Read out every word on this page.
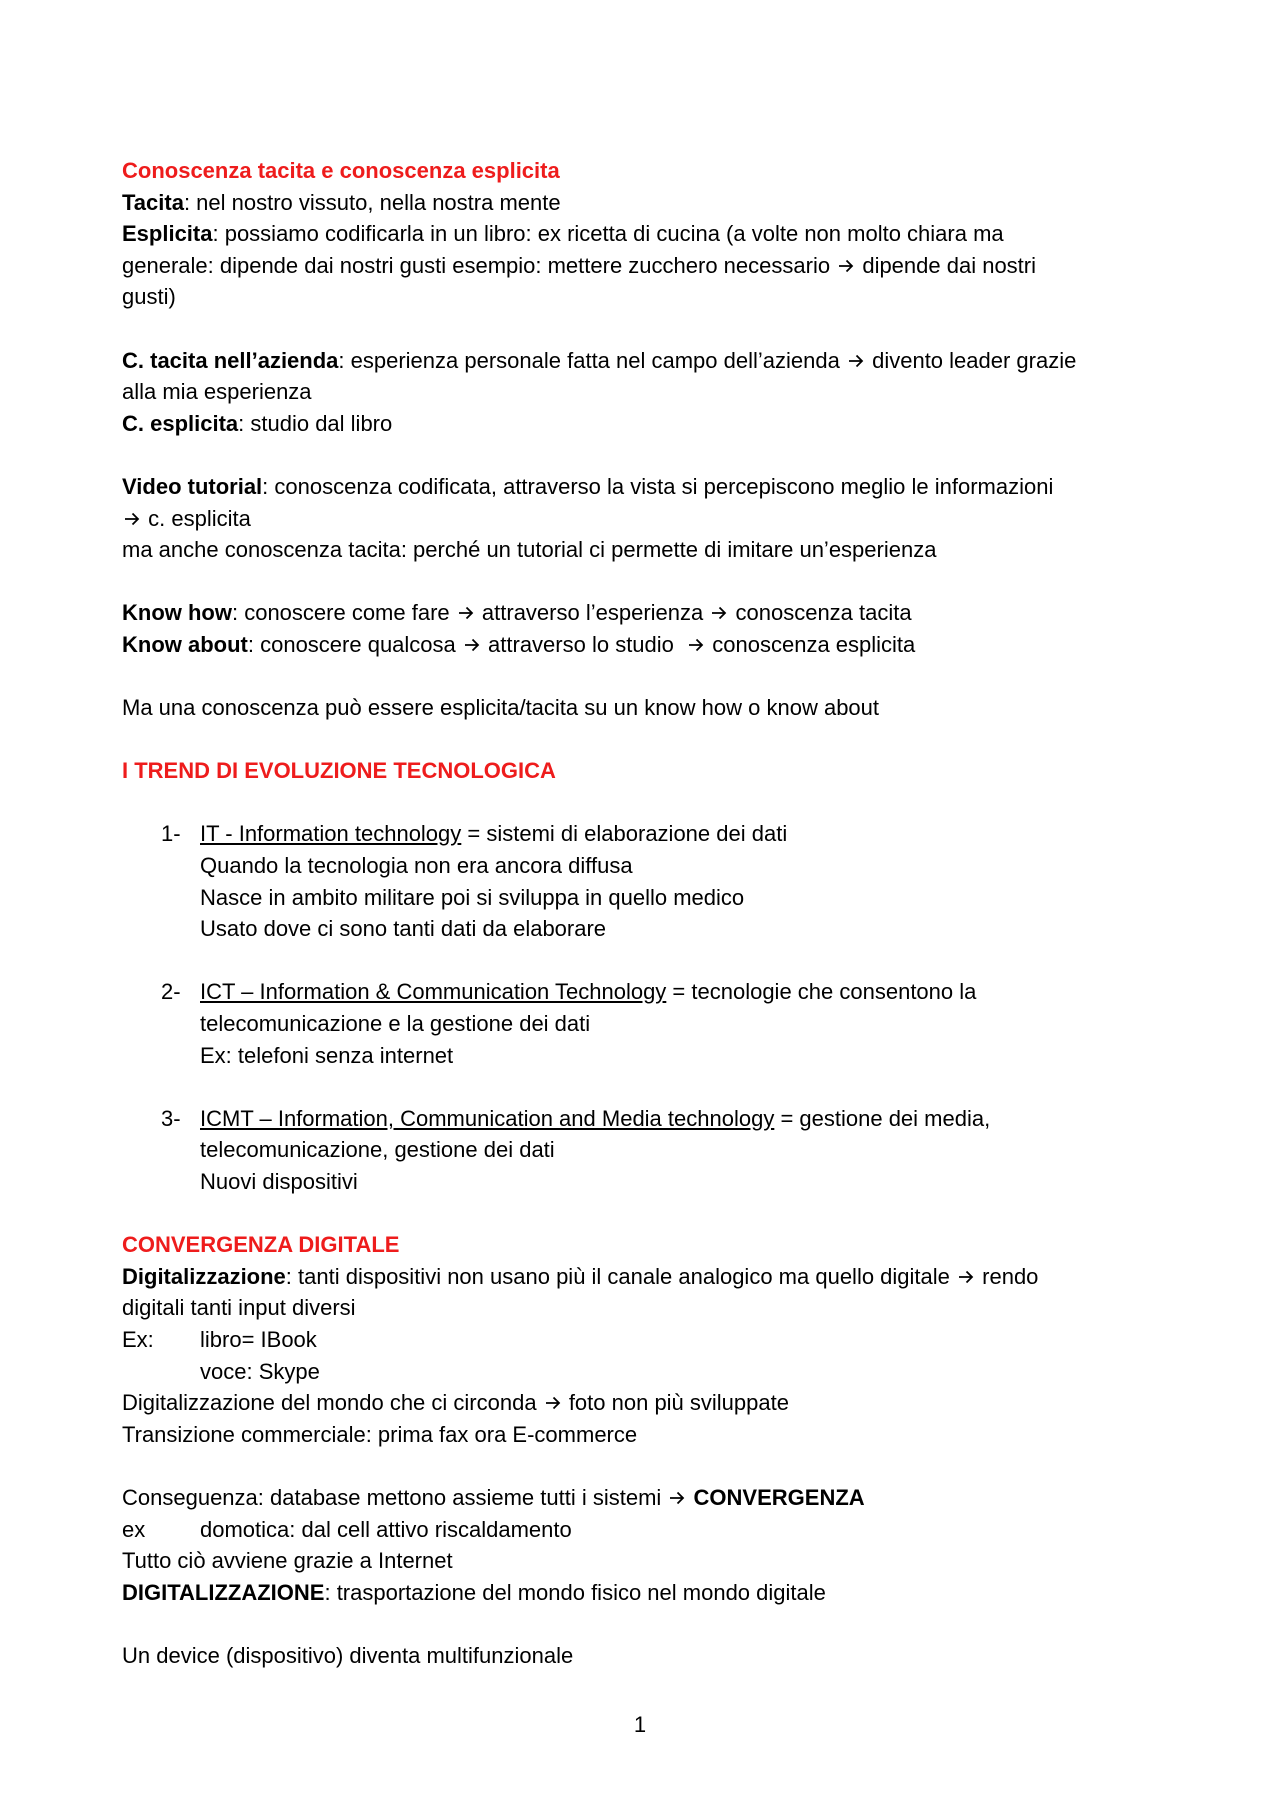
Conoscenza tacita e conoscenza esplicita
Tacita: nel nostro vissuto, nella nostra mente
Esplicita: possiamo codificarla in un libro: ex ricetta di cucina (a volte non molto chiara ma
generale: dipende dai nostri gusti esempio: mettere zucchero necessario dipende dai nostri
gusti)
C. tacita nell’azienda: esperienza personale fatta nel campo dell’azienda divento leader grazie
alla mia esperienza
C. esplicita: studio dal libro
Video tutorial: conoscenza codificata, attraverso la vista si percepiscono meglio le informazioni
c. esplicita
ma anche conoscenza tacita: perché un tutorial ci permette di imitare un’esperienza
Know how: conoscere come fare attraverso l’esperienza conoscenza tacita
Know about: conoscere qualcosa attraverso lo studio conoscenza esplicita
Ma una conoscenza può essere esplicita/tacita su un know how o know about
I TREND DI EVOLUZIONE TECNOLOGICA
1- IT - Information technology = sistemi di elaborazione dei dati
Quando la tecnologia non era ancora diffusa
Nasce in ambito militare poi si sviluppa in quello medico
Usato dove ci sono tanti dati da elaborare
2- ICT – Information & Communication Technology = tecnologie che consentono la
telecomunicazione e la gestione dei dati
Ex: telefoni senza internet
3- ICMT – Information, Communication and Media technology = gestione dei media,
telecomunicazione, gestione dei dati
Nuovi dispositivi
CONVERGENZA DIGITALE
Digitalizzazione: tanti dispositivi non usano più il canale analogico ma quello digitale rendo
digitali tanti input diversi
Ex:	libro= IBook
voce: Skype
Digitalizzazione del mondo che ci circonda foto non più sviluppate
Transizione commerciale: prima fax ora E-commerce
Conseguenza: database mettono assieme tutti i sistemi CONVERGENZA
ex	domotica: dal cell attivo riscaldamento
Tutto ciò avviene grazie a Internet
DIGITALIZZAZIONE: trasportazione del mondo fisico nel mondo digitale
Un device (dispositivo) diventa multifunzionale
1
